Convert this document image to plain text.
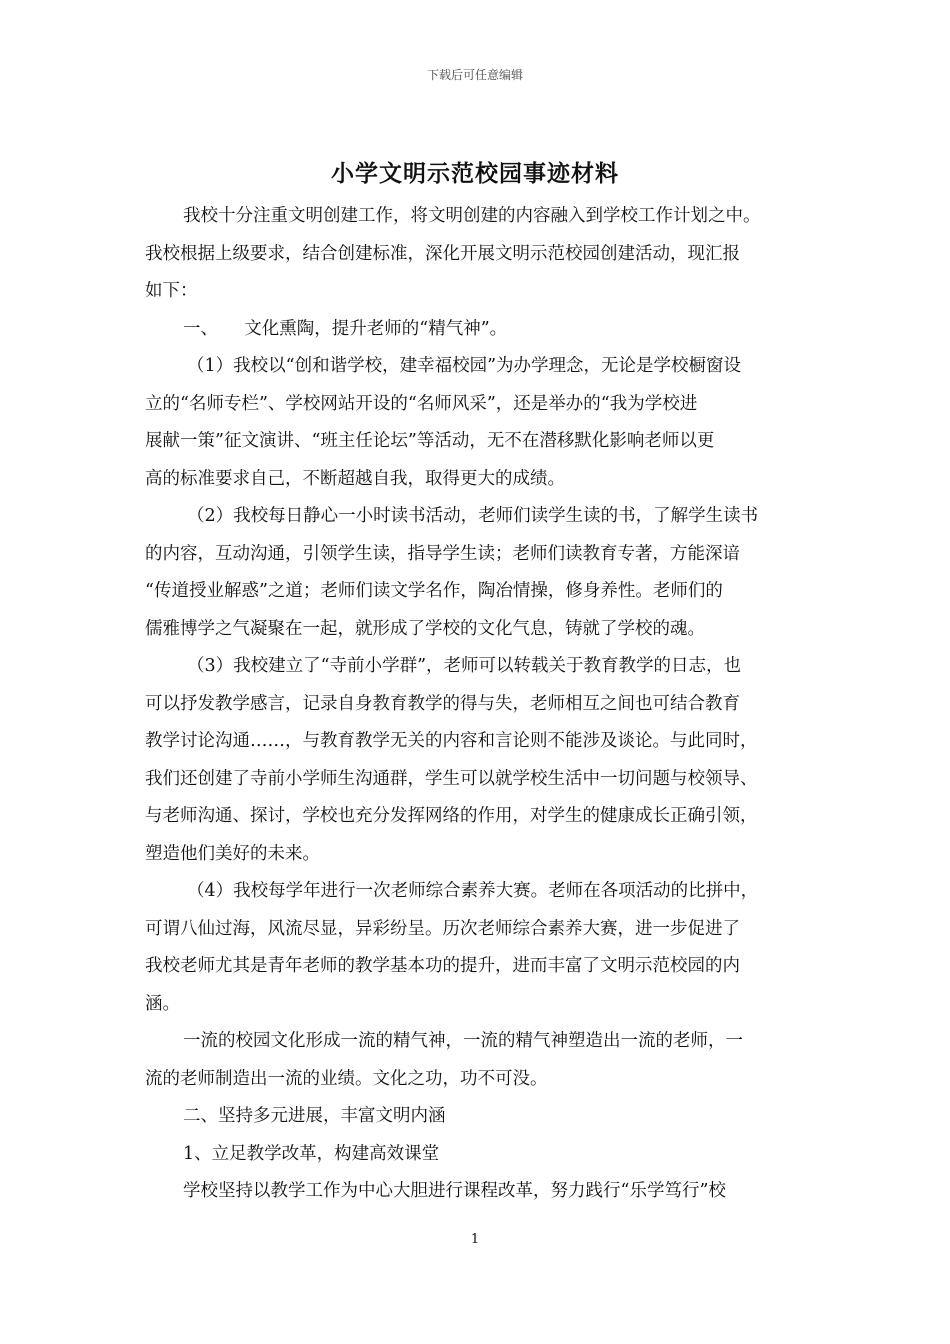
下载后可任意编辑
小学文明示范校园事迹材料
我校十分注重文明创建工作，将文明创建的内容融入到学校工作计划之中。
我校根据上级要求，结合创建标准，深化开展文明示范校园创建活动，现汇报
如下：
一、　　文化熏陶，提升老师的“精气神”。
（1）我校以“创和谐学校，建幸福校园”为办学理念，无论是学校橱窗设
立的“名师专栏”、学校网站开设的“名师风采”，还是举办的“我为学校进
展献一策”征文演讲、“班主任论坛”等活动，无不在潜移默化影响老师以更
高的标准要求自己，不断超越自我，取得更大的成绩。
（2）我校每日静心一小时读书活动，老师们读学生读的书，了解学生读书
的内容，互动沟通，引领学生读，指导学生读；老师们读教育专著，方能深谙
“传道授业解惑”之道；老师们读文学名作，陶冶情操，修身养性。老师们的
儒雅博学之气凝聚在一起，就形成了学校的文化气息，铸就了学校的魂。
（3）我校建立了“寺前小学群”，老师可以转载关于教育教学的日志，也
可以抒发教学感言，记录自身教育教学的得与失，老师相互之间也可结合教育
教学讨论沟通……，与教育教学无关的内容和言论则不能涉及谈论。与此同时，
我们还创建了寺前小学师生沟通群，学生可以就学校生活中一切问题与校领导、
与老师沟通、探讨，学校也充分发挥网络的作用，对学生的健康成长正确引领，
塑造他们美好的未来。
（4）我校每学年进行一次老师综合素养大赛。老师在各项活动的比拼中，
可谓八仙过海，风流尽显，异彩纷呈。历次老师综合素养大赛，进一步促进了
我校老师尤其是青年老师的教学基本功的提升，进而丰富了文明示范校园的内
涵。
一流的校园文化形成一流的精气神，一流的精气神塑造出一流的老师，一
流的老师制造出一流的业绩。文化之功，功不可没。
二、坚持多元进展，丰富文明内涵
1、立足教学改革，构建高效课堂
学校坚持以教学工作为中心大胆进行课程改革，努力践行“乐学笃行”校
1
